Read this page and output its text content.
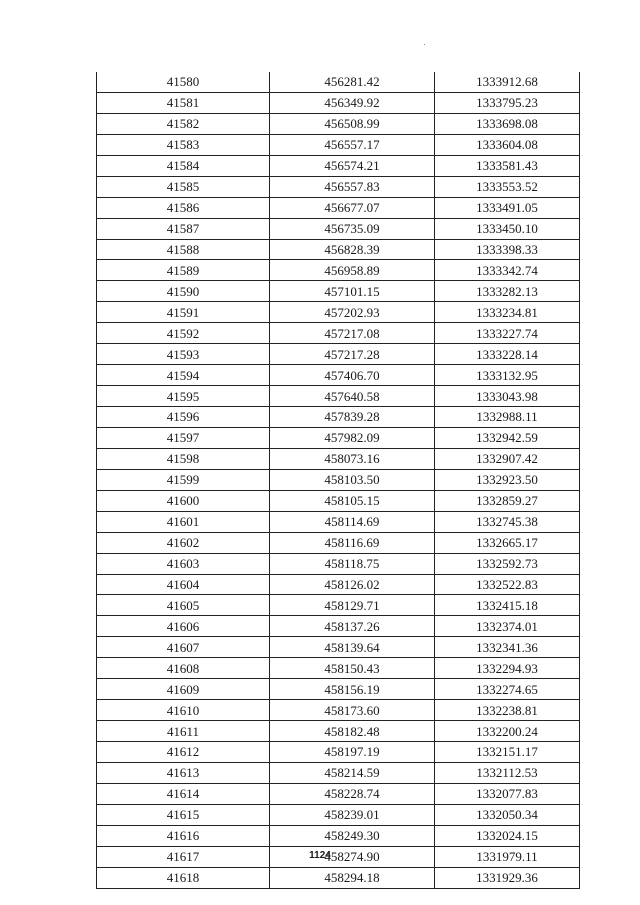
41580	456281.42	1333912.68
41581	456349.92	1333795.23
41582	456508.99	1333698.08
41583	456557.17	1333604.08
41584	456574.21	1333581.43
41585	456557.83	1333553.52
41586	456677.07	1333491.05
41587	456735.09	1333450.10
41588	456828.39	1333398.33
41589	456958.89	1333342.74
41590	457101.15	1333282.13
41591	457202.93	1333234.81
41592	457217.08	1333227.74
41593	457217.28	1333228.14
41594	457406.70	1333132.95
41595	457640.58	1333043.98
41596	457839.28	1332988.11
41597	457982.09	1332942.59
41598	458073.16	1332907.42
41599	458103.50	1332923.50
41600	458105.15	1332859.27
41601	458114.69	1332745.38
41602	458116.69	1332665.17
41603	458118.75	1332592.73
41604	458126.02	1332522.83
41605	458129.71	1332415.18
41606	458137.26	1332374.01
41607	458139.64	1332341.36
41608	458150.43	1332294.93
41609	458156.19	1332274.65
41610	458173.60	1332238.81
41611	458182.48	1332200.24
41612	458197.19	1332151.17
41613	458214.59	1332112.53
41614	458228.74	1332077.83
41615	458239.01	1332050.34
41616	458249.30	1332024.15
41617	458274.90	1331979.11
41618	458294.18	1331929.36
1124
